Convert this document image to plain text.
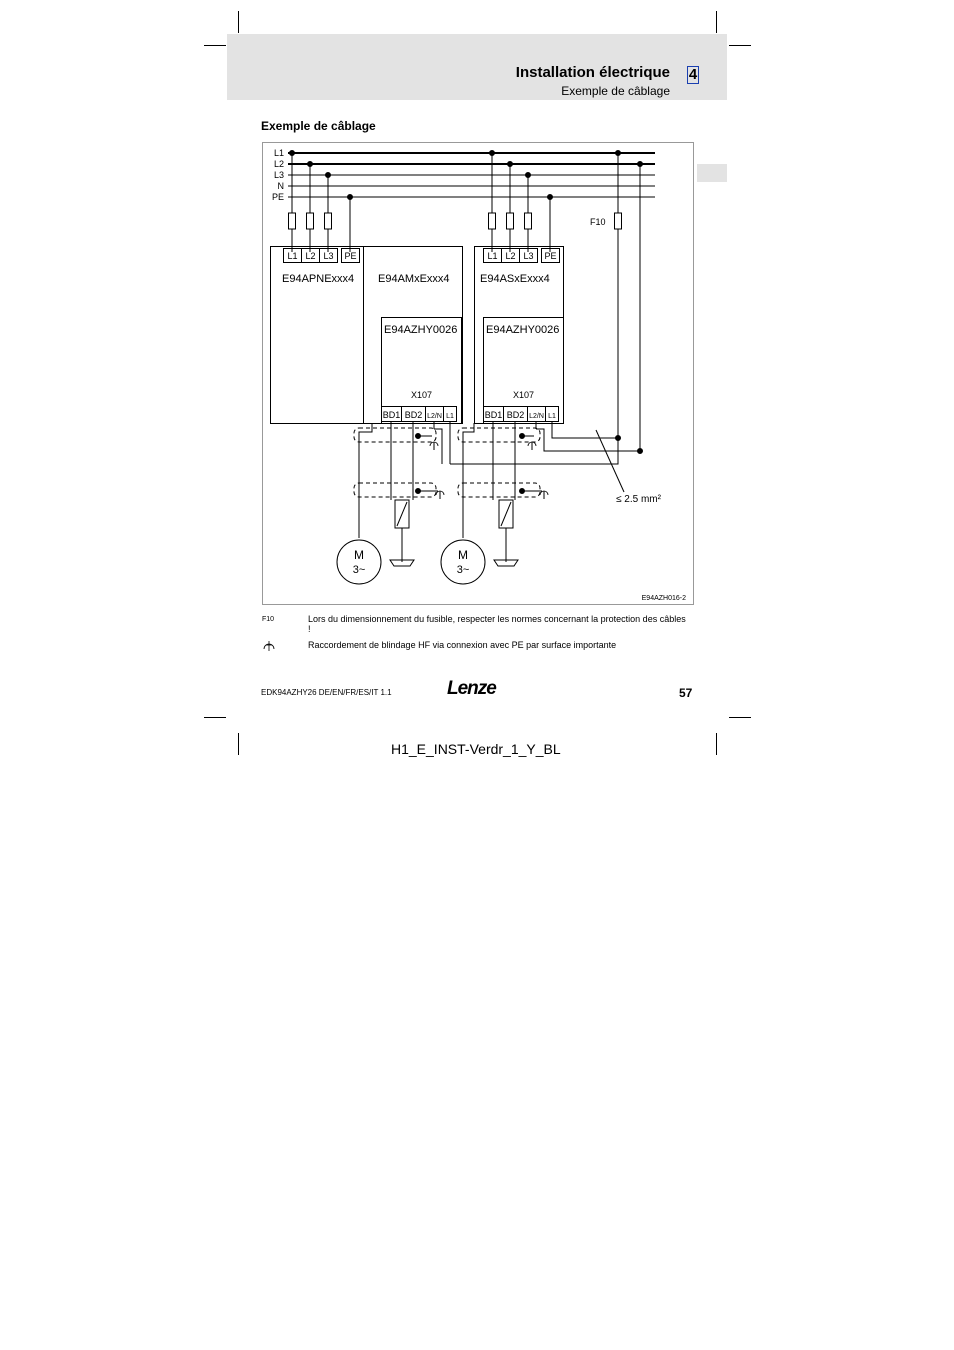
Installation électrique 4
Exemple de câblage
Exemple de câblage
L1
L2
L3
N
PE
F10
L1 L2 L3 PE
X107
BD1 BD2 L2/N L1
E94APNExxx4 E94AMxExxx4
E94AZHY0026
L1 L2 L3 PE
X107
BD1 BD2 L2/N L1
E94ASxExxx4
E94AZHY0026
≤ 2.5 mm²
M
3~
M
3~
E94AZH016-2
F10	Lors du dimensionnement du fusible, respecter les normes concernant la protection des câbles !
Raccordement de blindage HF via connexion avec PE par surface importante
EDK94AZHY26 DE/EN/FR/ES/IT 1.1	Lenze	57
H1_E_INST-Verdr_1_Y_BL
